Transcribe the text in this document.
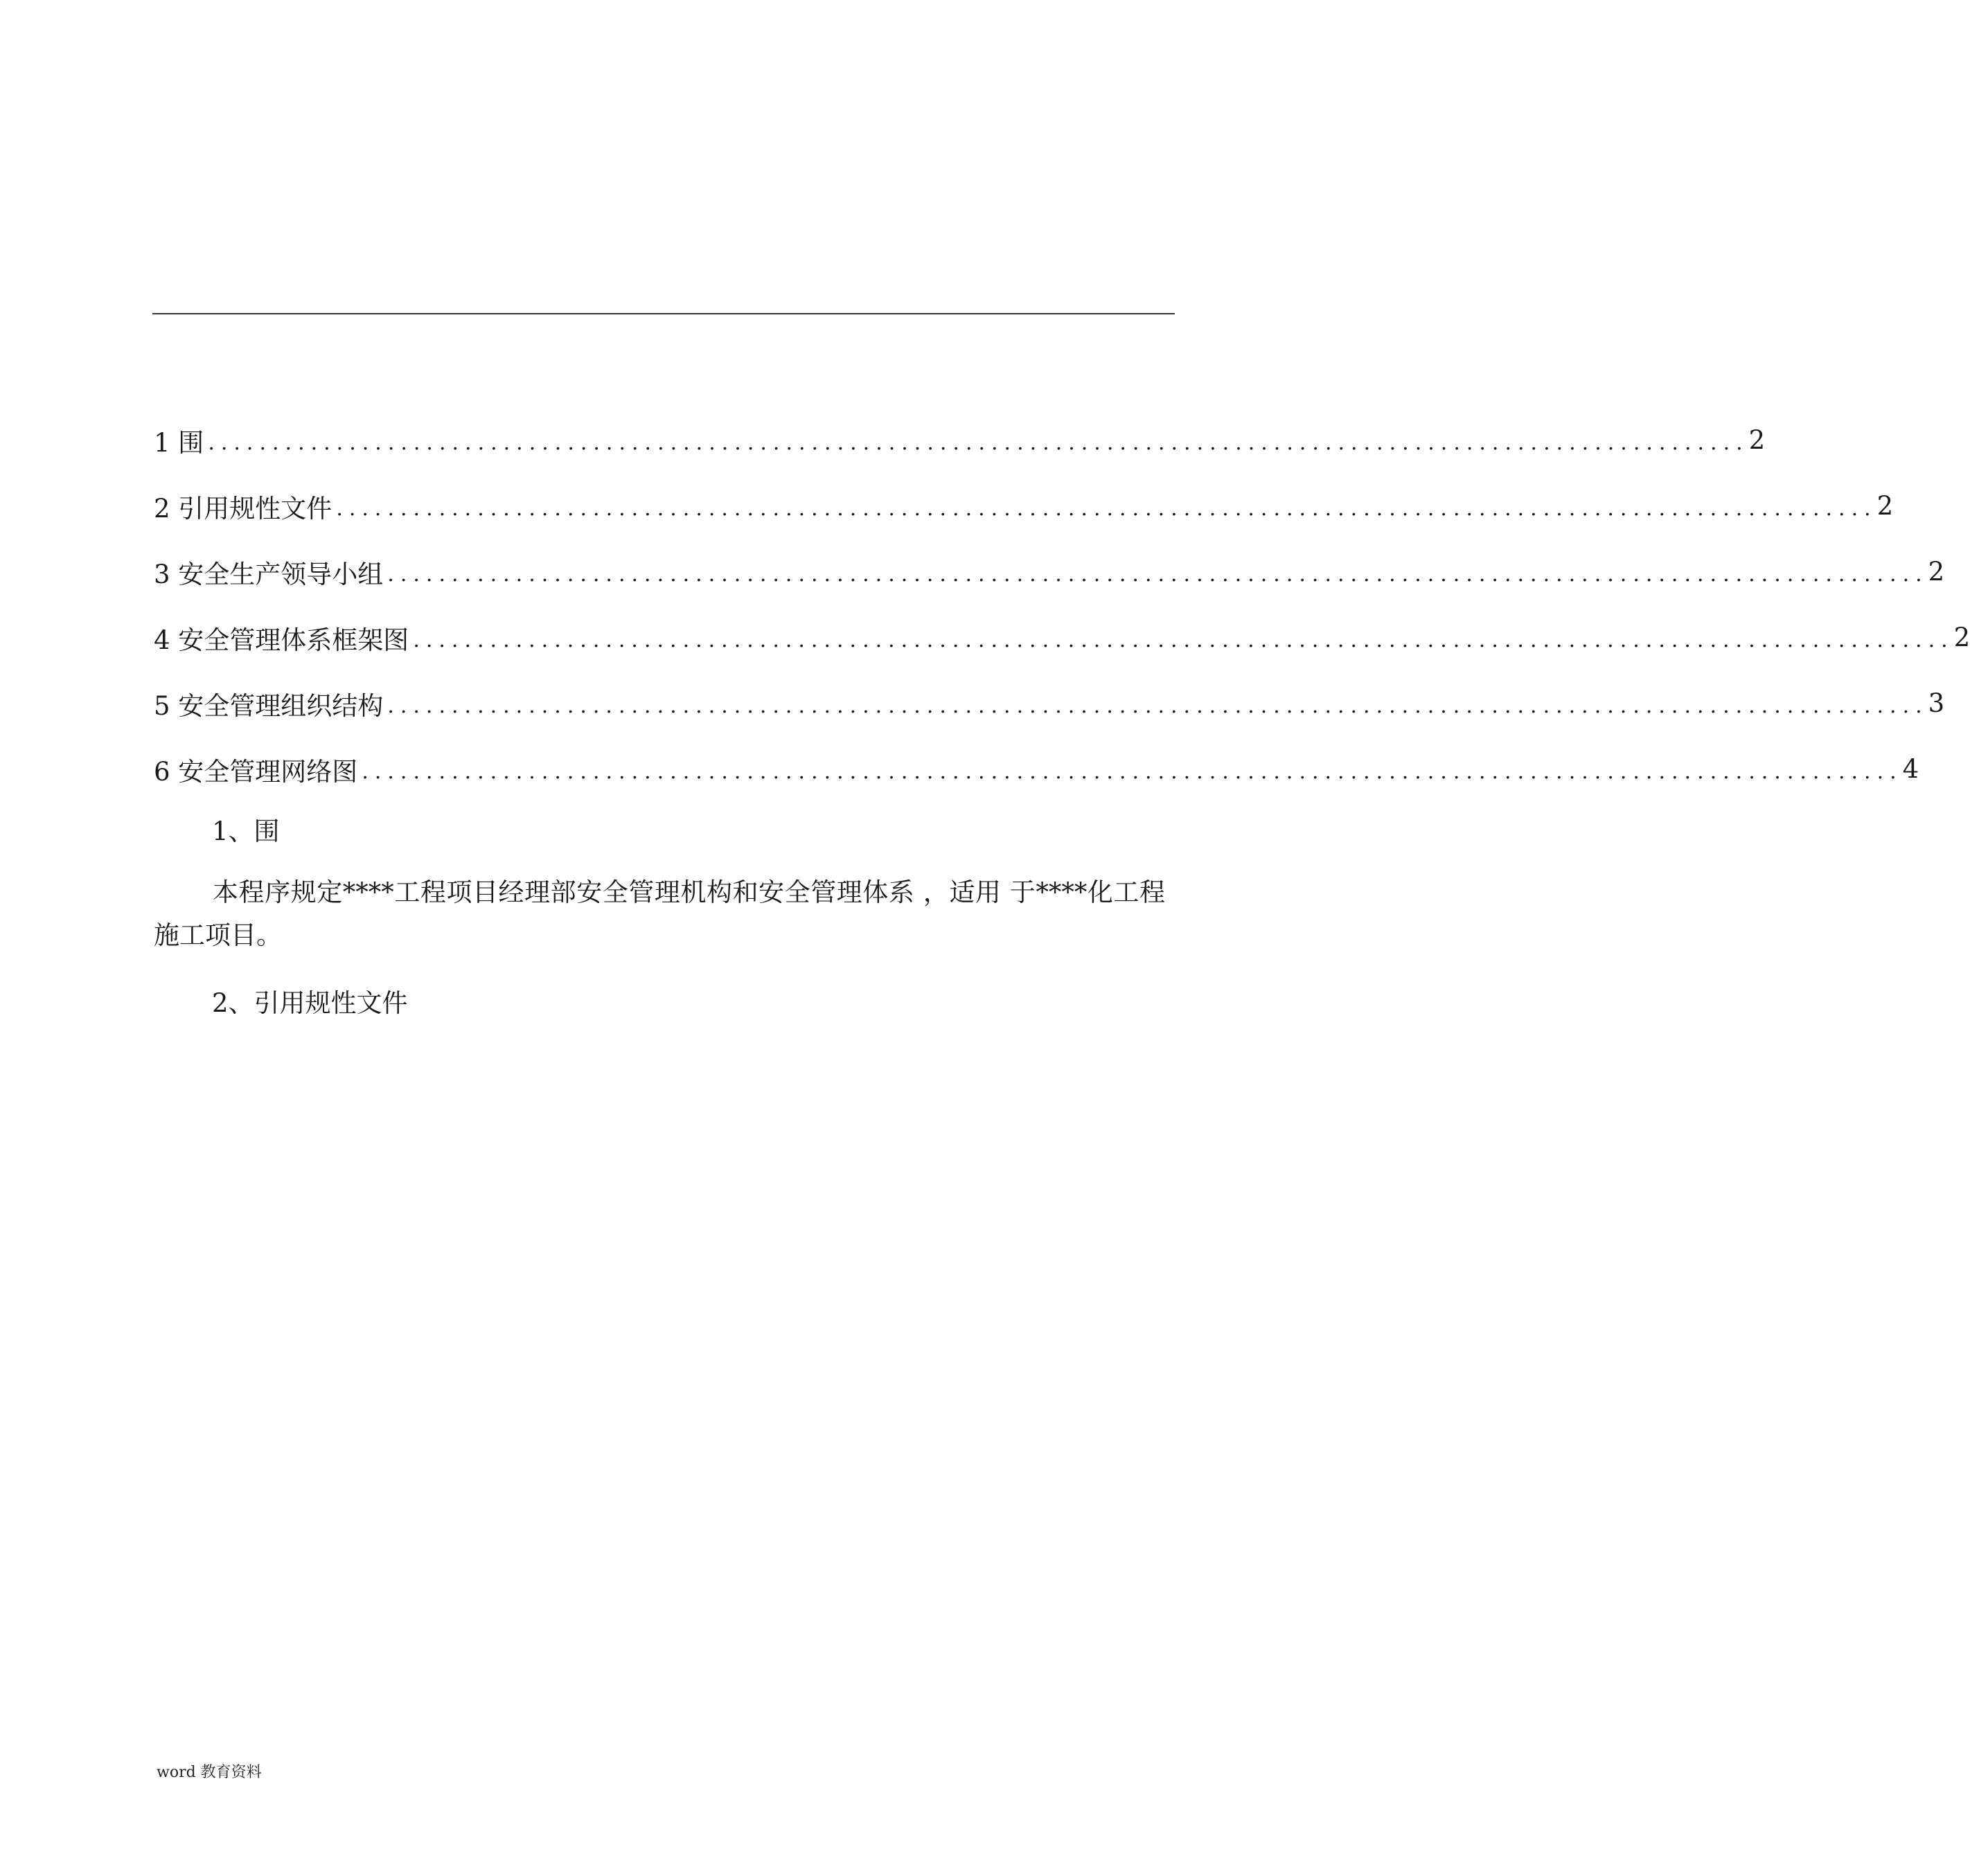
1 围 ........................................................................................................................ 2
2 引用规性文件 ........................................................................................................................ 2
3 安全生产领导小组 ........................................................................................................................ 2
4 安全管理体系框架图 ........................................................................................................................ 2
5 安全管理组织结构 ........................................................................................................................ 3
6 安全管理网络图 ........................................................................................................................ 4
1、围
本程序规定****工程项目经理部安全管理机构和安全管理体系 ，适用 于****化工程施工项目。
2、引用规性文件
word 教育资料
